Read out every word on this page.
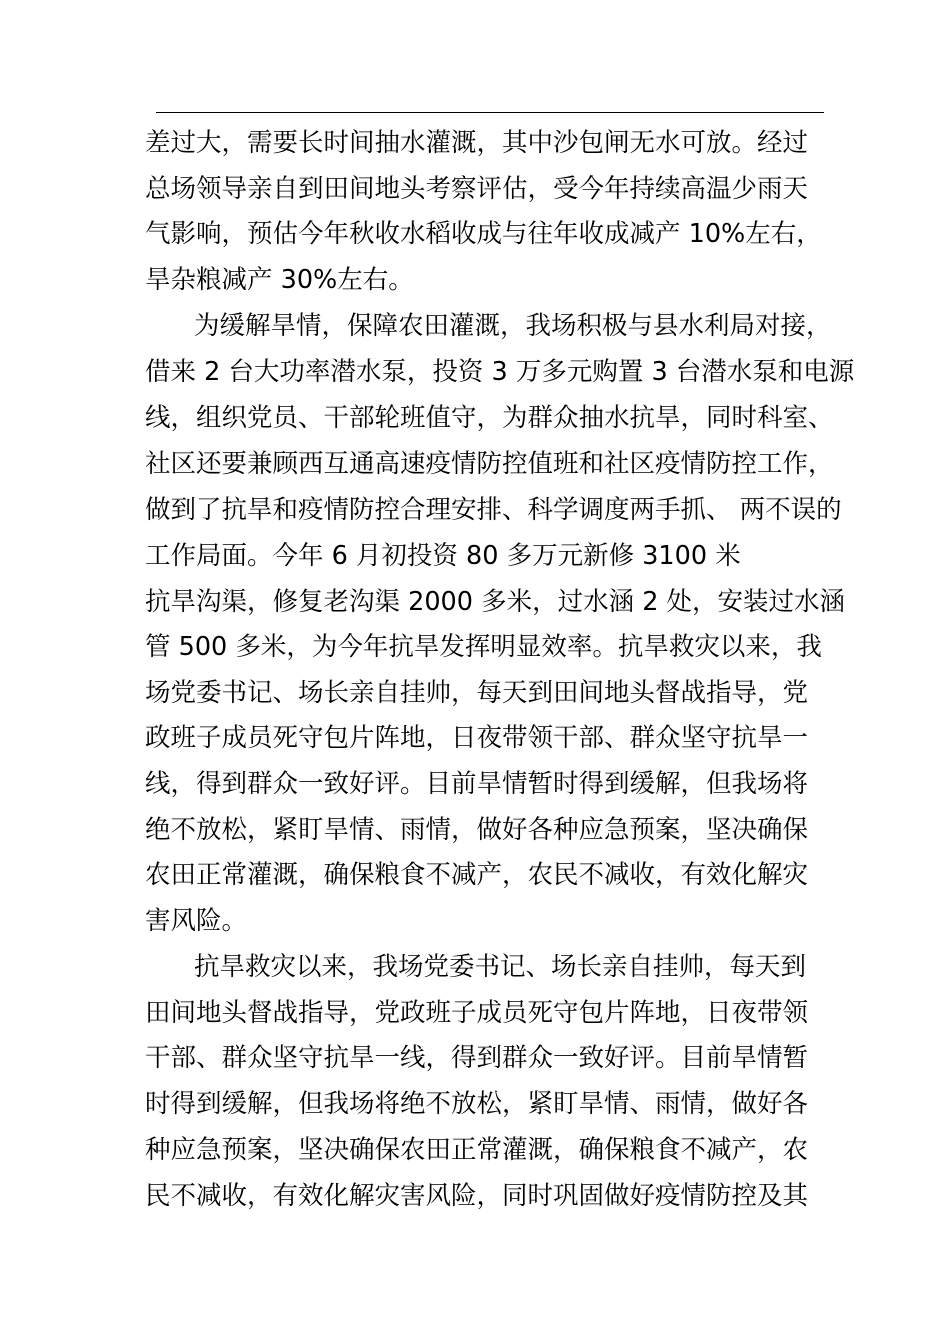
差过大，需要长时间抽水灌溉，其中沙包闸无水可放。经过
总场领导亲自到田间地头考察评估，受今年持续高温少雨天
气影响，预估今年秋收水稻收成与往年收成减产 10%左右，
旱杂粮减产 30%左右。
为缓解旱情，保障农田灌溉，我场积极与县水利局对接，
借来 2 台大功率潜水泵，投资 3 万多元购置 3 台潜水泵和电源
线，组织党员、干部轮班值守，为群众抽水抗旱，同时科室、
社区还要兼顾西互通高速疫情防控值班和社区疫情防控工作，
做到了抗旱和疫情防控合理安排、科学调度两手抓、 两不误的
工作局面。今年 6 月初投资 80 多万元新修 3100 米
抗旱沟渠，修复老沟渠 2000 多米，过水涵 2 处，安装过水涵
管 500 多米，为今年抗旱发挥明显效率。抗旱救灾以来，我
场党委书记、场长亲自挂帅，每天到田间地头督战指导，党
政班子成员死守包片阵地，日夜带领干部、群众坚守抗旱一
线，得到群众一致好评。目前旱情暂时得到缓解，但我场将
绝不放松，紧盯旱情、雨情，做好各种应急预案，坚决确保
农田正常灌溉，确保粮食不减产，农民不减收，有效化解灾
害风险。
抗旱救灾以来，我场党委书记、场长亲自挂帅，每天到
田间地头督战指导，党政班子成员死守包片阵地，日夜带领
干部、群众坚守抗旱一线，得到群众一致好评。目前旱情暂
时得到缓解，但我场将绝不放松，紧盯旱情、雨情，做好各
种应急预案，坚决确保农田正常灌溉，确保粮食不减产，农
民不减收，有效化解灾害风险，同时巩固做好疫情防控及其
